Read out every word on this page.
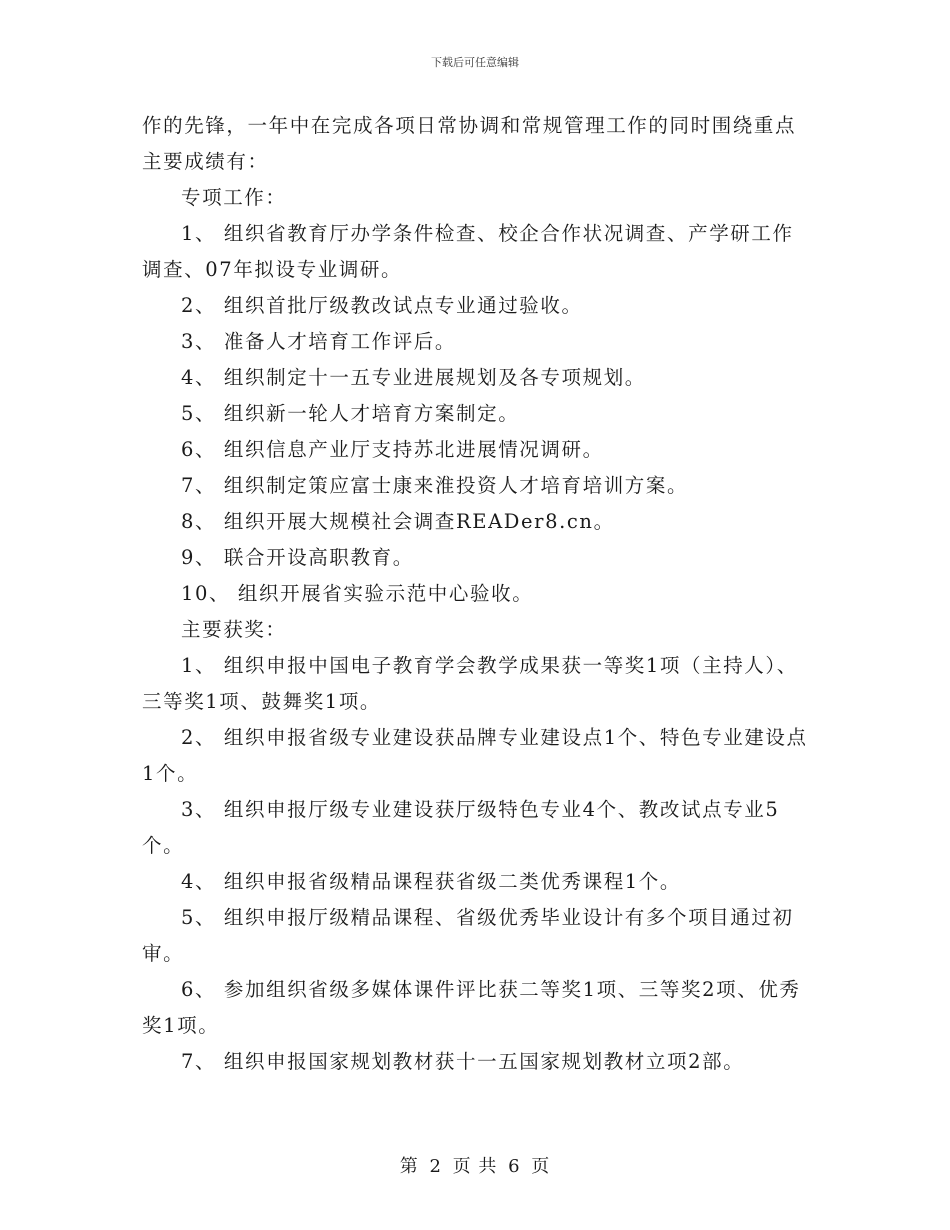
下载后可任意编辑

作的先锋，一年中在完成各项日常协调和常规管理工作的同时围绕重点主要成绩有：

专项工作：

1、 组织省教育厅办学条件检查、校企合作状况调查、产学研工作调查、07年拟设专业调研。

2、 组织首批厅级教改试点专业通过验收。

3、 准备人才培育工作评后。

4、 组织制定十一五专业进展规划及各专项规划。

5、 组织新一轮人才培育方案制定。

6、 组织信息产业厅支持苏北进展情况调研。

7、 组织制定策应富士康来淮投资人才培育培训方案。

8、 组织开展大规模社会调查READer8.cn。

9、 联合开设高职教育。

10、 组织开展省实验示范中心验收。

主要获奖：

1、 组织申报中国电子教育学会教学成果获一等奖1项（主持人）、三等奖1项、鼓舞奖1项。

2、 组织申报省级专业建设获品牌专业建设点1个、特色专业建设点1个。

3、 组织申报厅级专业建设获厅级特色专业4个、教改试点专业5个。

4、 组织申报省级精品课程获省级二类优秀课程1个。

5、 组织申报厅级精品课程、省级优秀毕业设计有多个项目通过初审。

6、 参加组织省级多媒体课件评比获二等奖1项、三等奖2项、优秀奖1项。

7、 组织申报国家规划教材获十一五国家规划教材立项2部。

第 2 页 共 6 页
